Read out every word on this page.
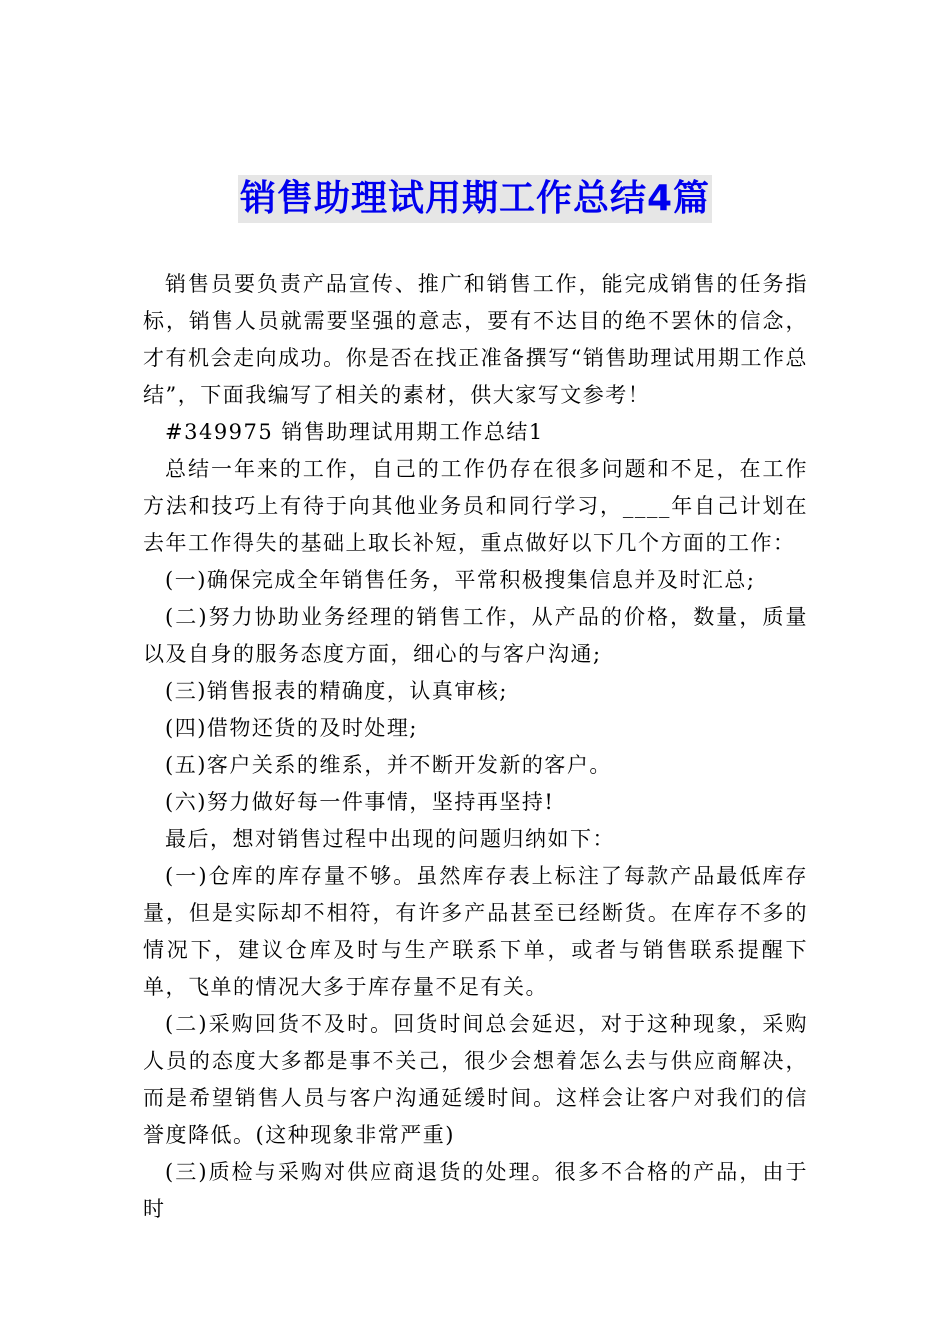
销售助理试用期工作总结4篇

销售员要负责产品宣传、推广和销售工作，能完成销售的任务指标，销售人员就需要坚强的意志，要有不达目的绝不罢休的信念，才有机会走向成功。你是否在找正准备撰写“销售助理试用期工作总结”，下面我编写了相关的素材，供大家写文参考！

#349975 销售助理试用期工作总结1

总结一年来的工作，自己的工作仍存在很多问题和不足，在工作方法和技巧上有待于向其他业务员和同行学习，____年自己计划在去年工作得失的基础上取长补短，重点做好以下几个方面的工作：

(一)确保完成全年销售任务，平常积极搜集信息并及时汇总;

(二)努力协助业务经理的销售工作，从产品的价格，数量，质量以及自身的服务态度方面，细心的与客户沟通;

(三)销售报表的精确度，认真审核;

(四)借物还货的及时处理;

(五)客户关系的维系，并不断开发新的客户。

(六)努力做好每一件事情，坚持再坚持!

最后，想对销售过程中出现的问题归纳如下：

(一)仓库的库存量不够。虽然库存表上标注了每款产品最低库存量，但是实际却不相符，有许多产品甚至已经断货。在库存不多的情况下，建议仓库及时与生产联系下单，或者与销售联系提醒下单，飞单的情况大多于库存量不足有关。

(二)采购回货不及时。回货时间总会延迟，对于这种现象，采购人员的态度大多都是事不关己，很少会想着怎么去与供应商解决，而是希望销售人员与客户沟通延缓时间。这样会让客户对我们的信誉度降低。(这种现象非常严重)

(三)质检与采购对供应商退货的处理。很多不合格的产品，由于时
